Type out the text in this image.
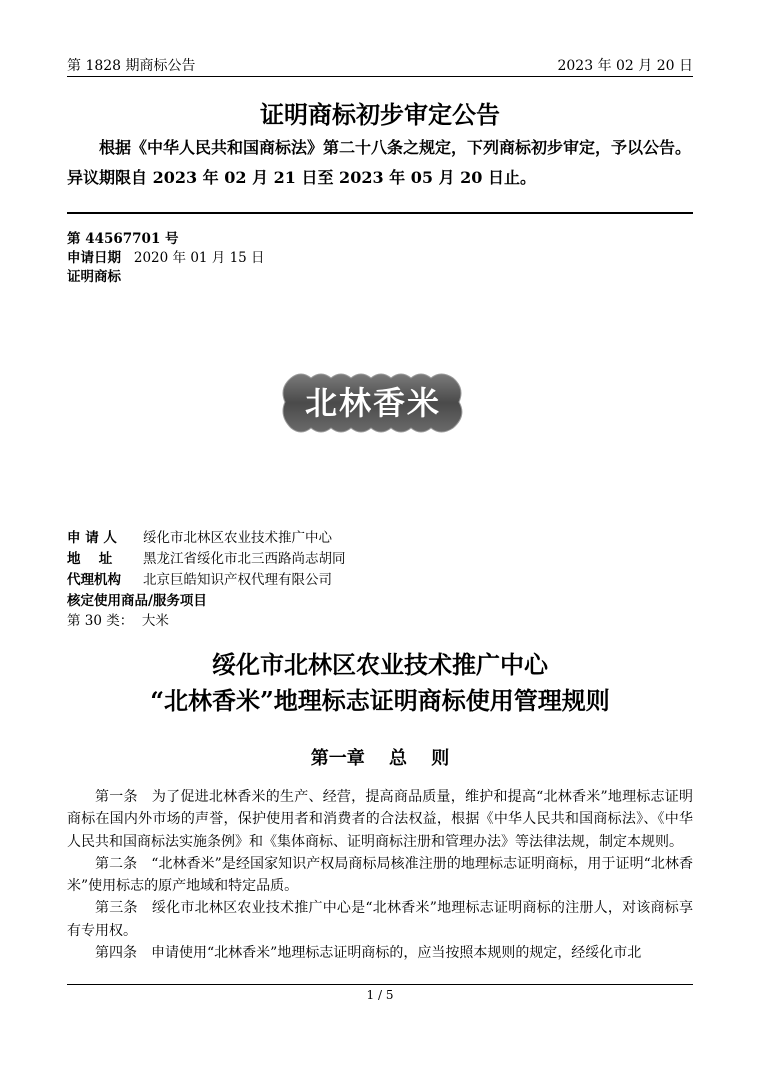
第 1828 期商标公告	2023 年 02 月 20 日
证明商标初步审定公告
根据《中华人民共和国商标法》第二十八条之规定，下列商标初步审定，予以公告。异议期限自 2023 年 02 月 21 日至 2023 年 05 月 20 日止。
第 44567701 号
申请日期 2020 年 01 月 15 日
证明商标
北林香米
申 请 人 绥化市北林区农业技术推广中心
地　 址 黑龙江省绥化市北三西路尚志胡同
代理机构 北京巨皓知识产权代理有限公司
核定使用商品/服务项目
第 30 类： 大米
绥化市北林区农业技术推广中心
“北林香米”地理标志证明商标使用管理规则
第一章　 总　 则

第一条　为了促进北林香米的生产、经营，提高商品质量，维护和提高“北林香米”地理标志证明商标在国内外市场的声誉，保护使用者和消费者的合法权益，根据《中华人民共和国商标法》、《中华人民共和国商标法实施条例》和《集体商标、证明商标注册和管理办法》等法律法规，制定本规则。

第二条　“北林香米”是经国家知识产权局商标局核准注册的地理标志证明商标，用于证明“北林香米”使用标志的原产地域和特定品质。

第三条　绥化市北林区农业技术推广中心是“北林香米”地理标志证明商标的注册人，对该商标享有专用权。

第四条　申请使用“北林香米”地理标志证明商标的，应当按照本规则的规定，经绥化市北

1 / 5
